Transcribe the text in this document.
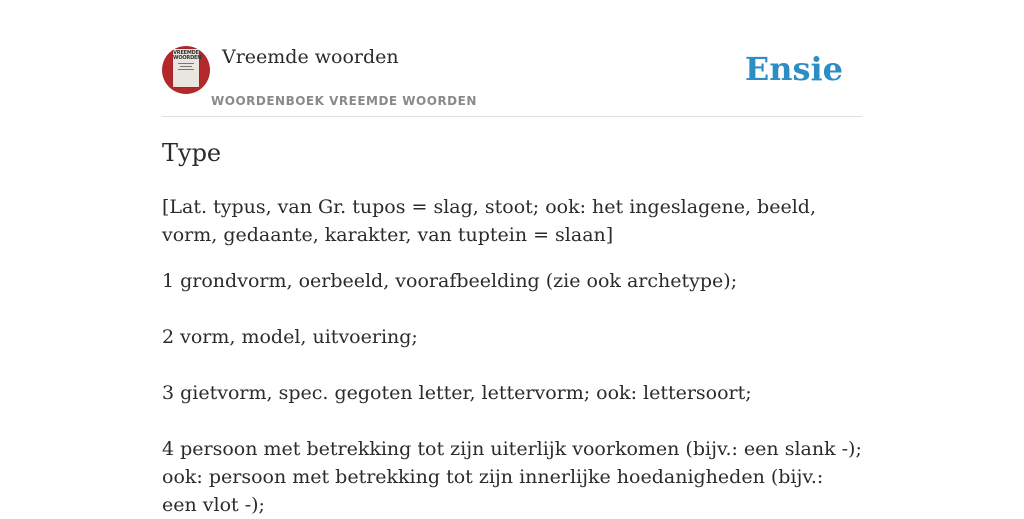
VREEMDE WOORDEN Vreemde woorden
WOORDENBOEK VREEMDE WOORDEN
Ensie
Type

[Lat. typus, van Gr. tupos = slag, stoot; ook: het ingeslagene, beeld, vorm, gedaante, karakter, van tuptein = slaan]

1 grondvorm, oerbeeld, voorafbeelding (zie ook archetype);

2 vorm, model, uitvoering;

3 gietvorm, spec. gegoten letter, lettervorm; ook: lettersoort;

4 persoon met betrekking tot zijn uiterlijk voorkomen (bijv.: een slank -); ook: persoon met betrekking tot zijn innerlijke hoedanigheden (bijv.: een vlot -);
